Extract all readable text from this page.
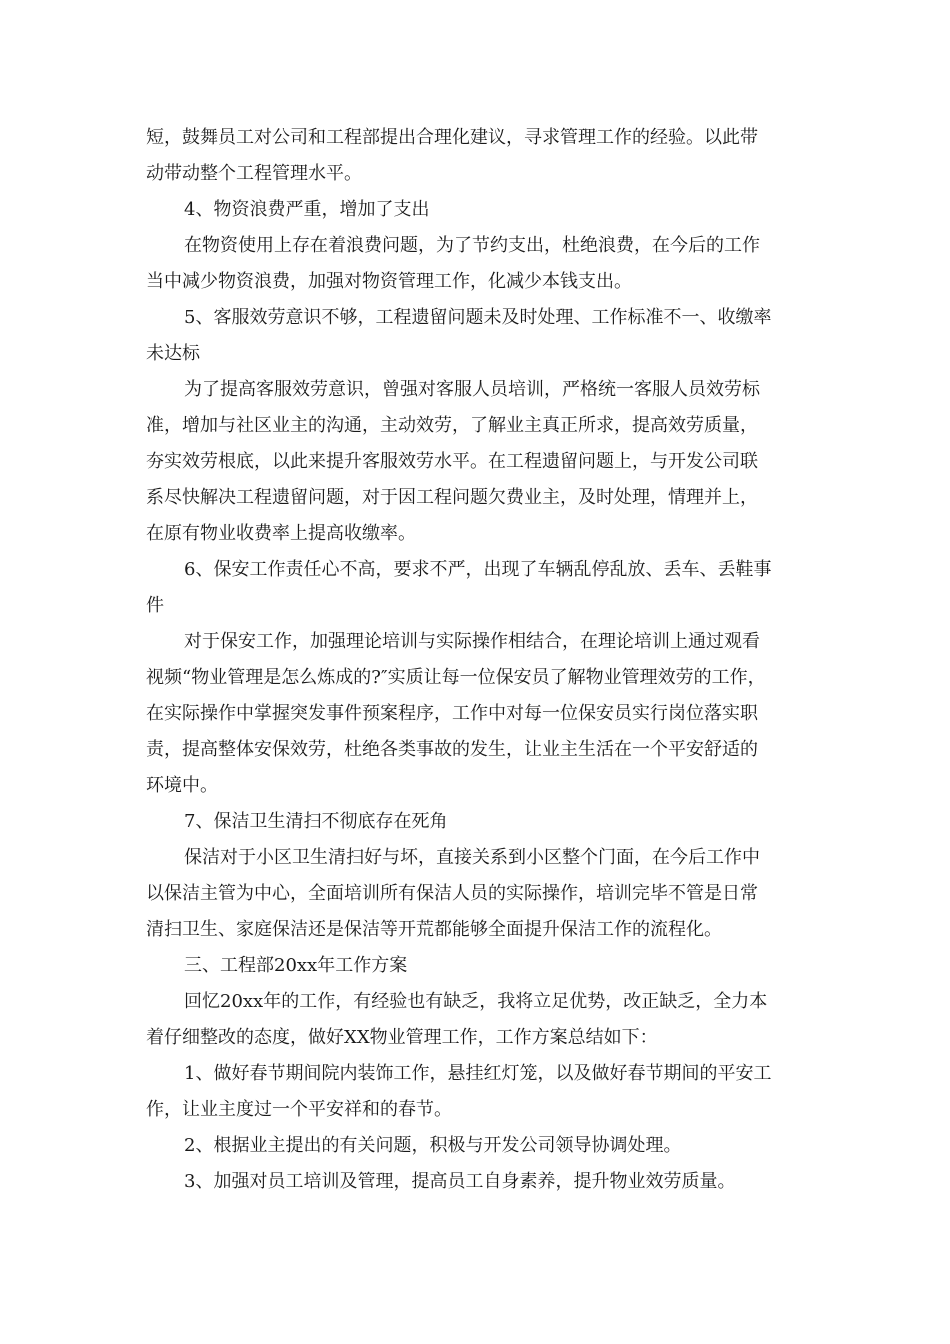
短，鼓舞员工对公司和工程部提出合理化建议，寻求管理工作的经验。以此带
动带动整个工程管理水平。
4、物资浪费严重，增加了支出
在物资使用上存在着浪费问题，为了节约支出，杜绝浪费，在今后的工作
当中减少物资浪费，加强对物资管理工作，化减少本钱支出。
5、客服效劳意识不够，工程遗留问题未及时处理、工作标准不一、收缴率
未达标
为了提高客服效劳意识，曾强对客服人员培训，严格统一客服人员效劳标
准，增加与社区业主的沟通，主动效劳，了解业主真正所求，提高效劳质量，
夯实效劳根底，以此来提升客服效劳水平。在工程遗留问题上，与开发公司联
系尽快解决工程遗留问题，对于因工程问题欠费业主，及时处理，情理并上，
在原有物业收费率上提高收缴率。
6、保安工作责任心不高，要求不严，出现了车辆乱停乱放、丢车、丢鞋事
件
对于保安工作，加强理论培训与实际操作相结合，在理论培训上通过观看
视频“物业管理是怎么炼成的?″实质让每一位保安员了解物业管理效劳的工作，
在实际操作中掌握突发事件预案程序，工作中对每一位保安员实行岗位落实职
责，提高整体安保效劳，杜绝各类事故的发生，让业主生活在一个平安舒适的
环境中。
7、保洁卫生清扫不彻底存在死角
保洁对于小区卫生清扫好与坏，直接关系到小区整个门面，在今后工作中
以保洁主管为中心，全面培训所有保洁人员的实际操作，培训完毕不管是日常
清扫卫生、家庭保洁还是保洁等开荒都能够全面提升保洁工作的流程化。
三、工程部20xx年工作方案
回忆20xx年的工作，有经验也有缺乏，我将立足优势，改正缺乏，全力本
着仔细整改的态度，做好XX物业管理工作，工作方案总结如下：
1、做好春节期间院内装饰工作，悬挂红灯笼，以及做好春节期间的平安工
作，让业主度过一个平安祥和的春节。
2、根据业主提出的有关问题，积极与开发公司领导协调处理。
3、加强对员工培训及管理，提高员工自身素养，提升物业效劳质量。
